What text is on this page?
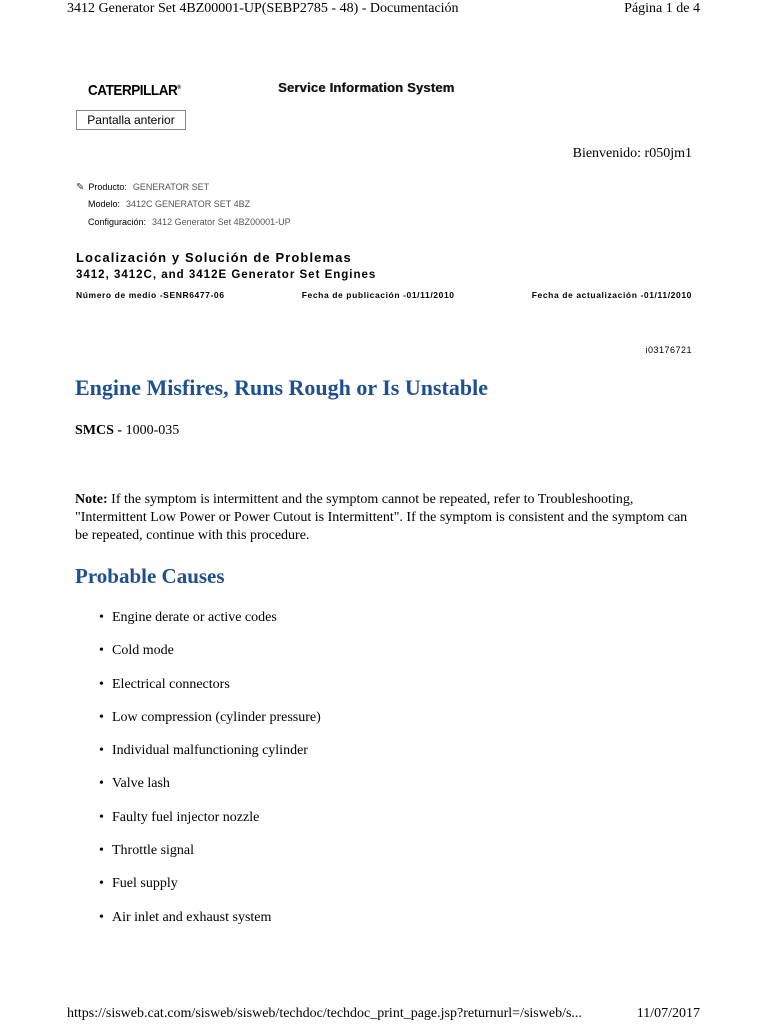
3412 Generator Set 4BZ00001-UP(SEBP2785 - 48) - Documentación	Página 1 de 4
CATERPILLAR®	Service Information System
Pantalla anterior
Bienvenido: r050jm1
✎ Producto: GENERATOR SET
Modelo: 3412C GENERATOR SET 4BZ
Configuración: 3412 Generator Set 4BZ00001-UP
Localización y Solución de Problemas
3412, 3412C, and 3412E Generator Set Engines
Número de medio -SENR6477-06	Fecha de publicación -01/11/2010	Fecha de actualización -01/11/2010
i03176721
Engine Misfires, Runs Rough or Is Unstable
SMCS - 1000-035
Note: If the symptom is intermittent and the symptom cannot be repeated, refer to Troubleshooting, "Intermittent Low Power or Power Cutout is Intermittent". If the symptom is consistent and the symptom can be repeated, continue with this procedure.
Probable Causes
• Engine derate or active codes
• Cold mode
• Electrical connectors
• Low compression (cylinder pressure)
• Individual malfunctioning cylinder
• Valve lash
• Faulty fuel injector nozzle
• Throttle signal
• Fuel supply
• Air inlet and exhaust system
https://sisweb.cat.com/sisweb/sisweb/techdoc/techdoc_print_page.jsp?returnurl=/sisweb/s...	11/07/2017
